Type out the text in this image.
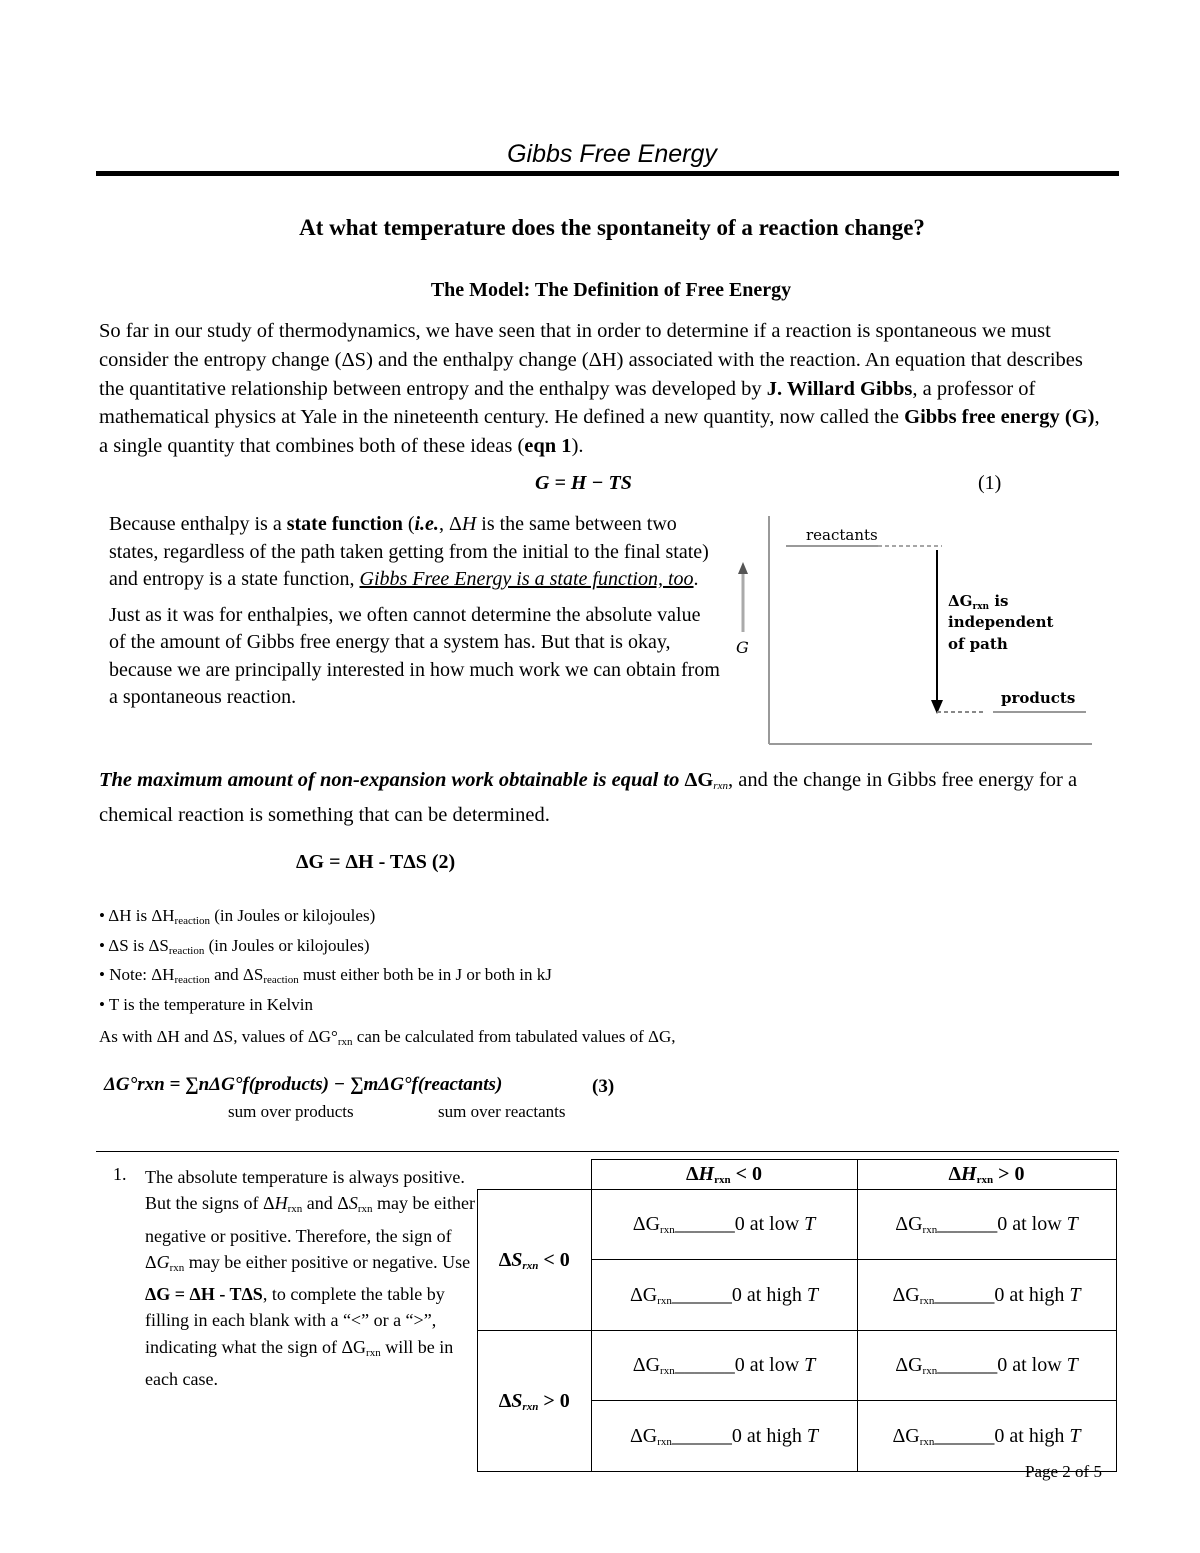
Gibbs Free Energy
At what temperature does the spontaneity of a reaction change?
The Model: The Definition of Free Energy
So far in our study of thermodynamics, we have seen that in order to determine if a reaction is spontaneous we must consider the entropy change (ΔS) and the enthalpy change (ΔH) associated with the reaction. An equation that describes the quantitative relationship between entropy and the enthalpy was developed by J. Willard Gibbs, a professor of mathematical physics at Yale in the nineteenth century. He defined a new quantity, now called the Gibbs free energy (G), a single quantity that combines both of these ideas (eqn 1).
G = H − TS	(1)

Because enthalpy is a state function (i.e., ΔH is the same between two states, regardless of the path taken getting from the initial to the final state) and entropy is a state function, Gibbs Free Energy is a state function, too.

Just as it was for enthalpies, we often cannot determine the absolute value of the amount of Gibbs free energy that a system has. But that is okay, because we are principally interested in how much work we can obtain from a spontaneous reaction.

reactants
products
G
$\Delta G_{rxn}$ is
independent
of path
The maximum amount of non-expansion work obtainable is equal to $\Delta G_{rxn}$, and the change in Gibbs free energy for a chemical reaction is something that can be determined.
ΔG = ΔH - TΔS (2)
• ΔH is $\Delta H_{reaction}$ (in Joules or kilojoules)
• ΔS is $\Delta S_{reaction}$ (in Joules or kilojoules)
• Note: $\Delta H_{reaction}$ and $\Delta S_{reaction}$ must either both be in J or both in kJ
• T is the temperature in Kelvin
As with ΔH and ΔS, values of $\Delta G^\circ_{rxn}$ can be calculated from tabulated values of ΔG,
ΔG°rxn = ∑nΔG°f(products) − ∑mΔG°f(reactants)	(3)
sum over products	sum over reactants
1. The absolute temperature is always positive. But the signs of $\Delta H_{rxn}$ and $\Delta S_{rxn}$ may be either negative or positive. Therefore, the sign of $\Delta G_{rxn}$ may be either positive or negative. Use ΔG = ΔH - TΔS, to complete the table by filling in each blank with a “<” or a “>”, indicating what the sign of $\Delta G_{rxn}$ will be in each case.
	$\Delta H_{rxn} < 0$	$\Delta H_{rxn} > 0$
$\Delta S_{rxn} < 0$	$\Delta G_{rxn}\_\_\_\_\_\_0$ at low T	$\Delta G_{rxn}\_\_\_\_\_\_0$ at low T
	$\Delta G_{rxn}\_\_\_\_\_\_0$ at high T	$\Delta G_{rxn}\_\_\_\_\_\_0$ at high T
$\Delta S_{rxn} > 0$	$\Delta G_{rxn}\_\_\_\_\_\_0$ at low T	$\Delta G_{rxn}\_\_\_\_\_\_0$ at low T
	$\Delta G_{rxn}\_\_\_\_\_\_0$ at high T	$\Delta G_{rxn}\_\_\_\_\_\_0$ at high T
Page 2 of 5
